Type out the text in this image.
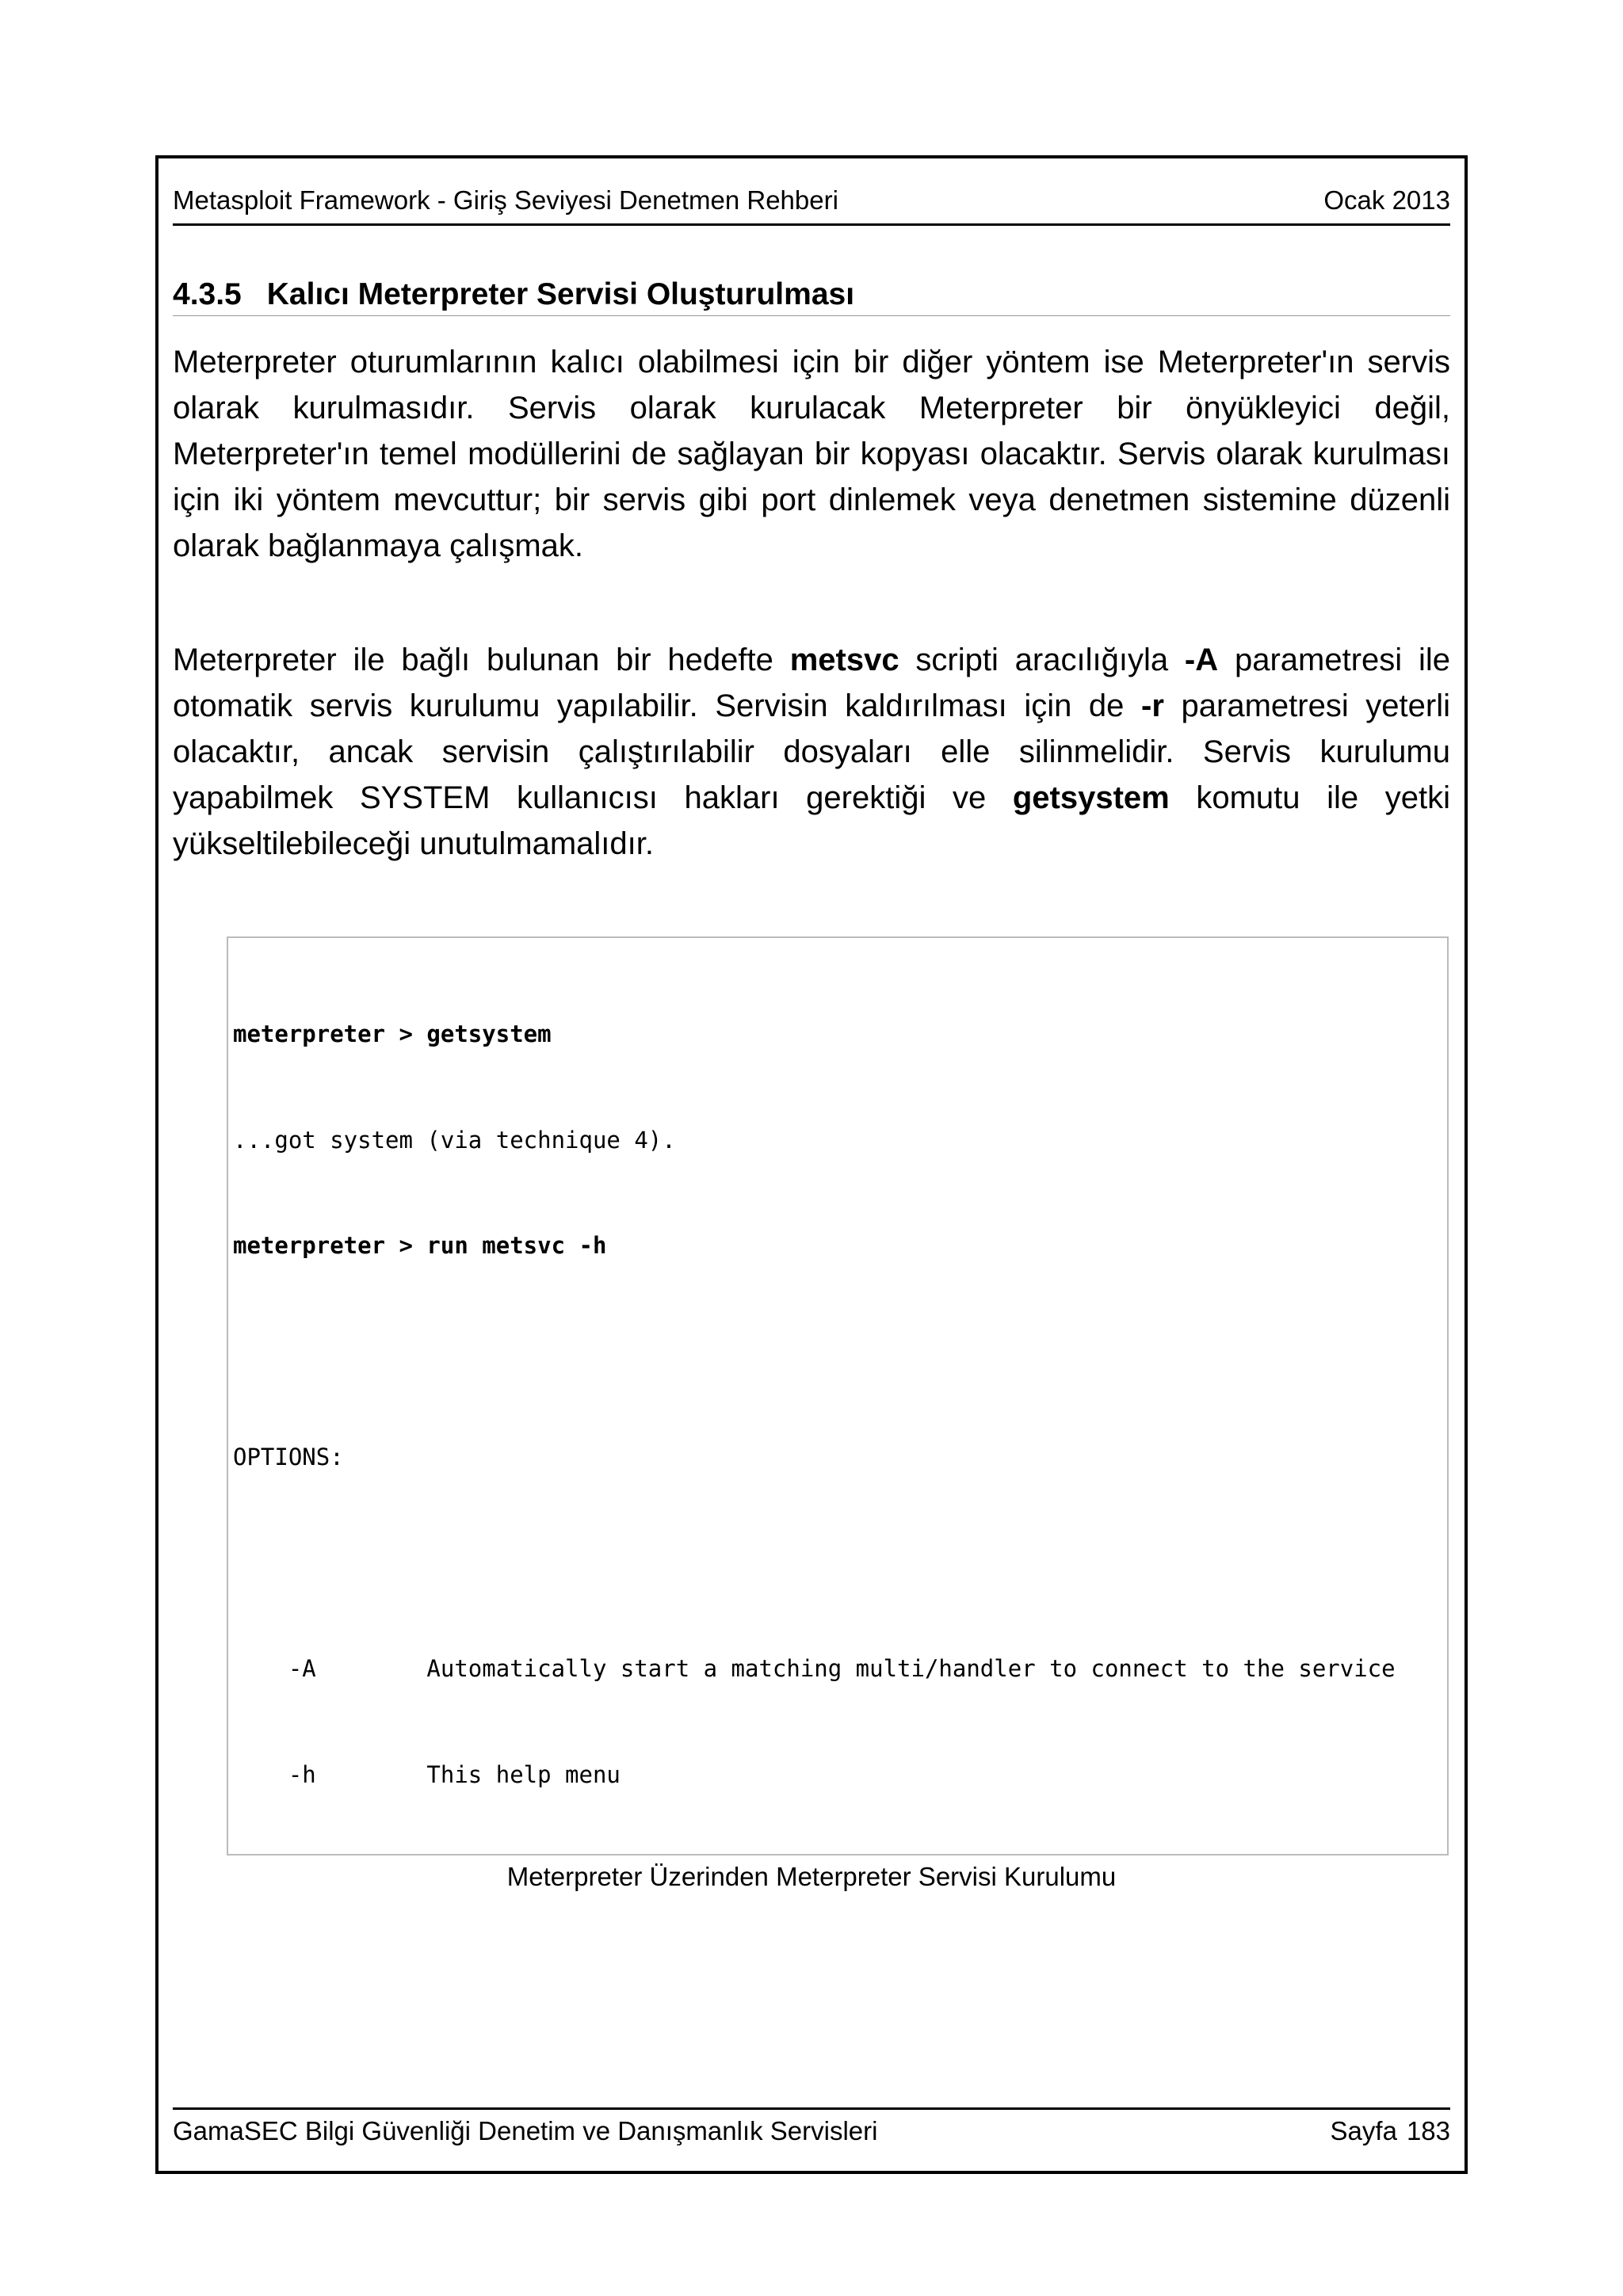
Metasploit Framework - Giriş Seviyesi Denetmen Rehberi	Ocak 2013
4.3.5 Kalıcı Meterpreter Servisi Oluşturulması
Meterpreter oturumlarının kalıcı olabilmesi için bir diğer yöntem ise Meterpreter'ın servis olarak kurulmasıdır. Servis olarak kurulacak Meterpreter bir önyükleyici değil, Meterpreter'ın temel modüllerini de sağlayan bir kopyası olacaktır. Servis olarak kurulması için iki yöntem mevcuttur; bir servis gibi port dinlemek veya denetmen sistemine düzenli olarak bağlanmaya çalışmak.
Meterpreter ile bağlı bulunan bir hedefte metsvc scripti aracılığıyla -A parametresi ile otomatik servis kurulumu yapılabilir. Servisin kaldırılması için de -r parametresi yeterli olacaktır, ancak servisin çalıştırılabilir dosyaları elle silinmelidir. Servis kurulumu yapabilmek SYSTEM kullanıcısı hakları gerektiği ve getsystem komutu ile yetki yükseltilebileceği unutulmamalıdır.

meterpreter > getsystem

...got system (via technique 4).

meterpreter > run metsvc -h

OPTIONS:

-A        Automatically start a matching multi/handler to connect to the service

-h        This help menu

Meterpreter Üzerinden Meterpreter Servisi Kurulumu
GamaSEC Bilgi Güvenliği Denetim ve Danışmanlık Servisleri	Sayfa 183
